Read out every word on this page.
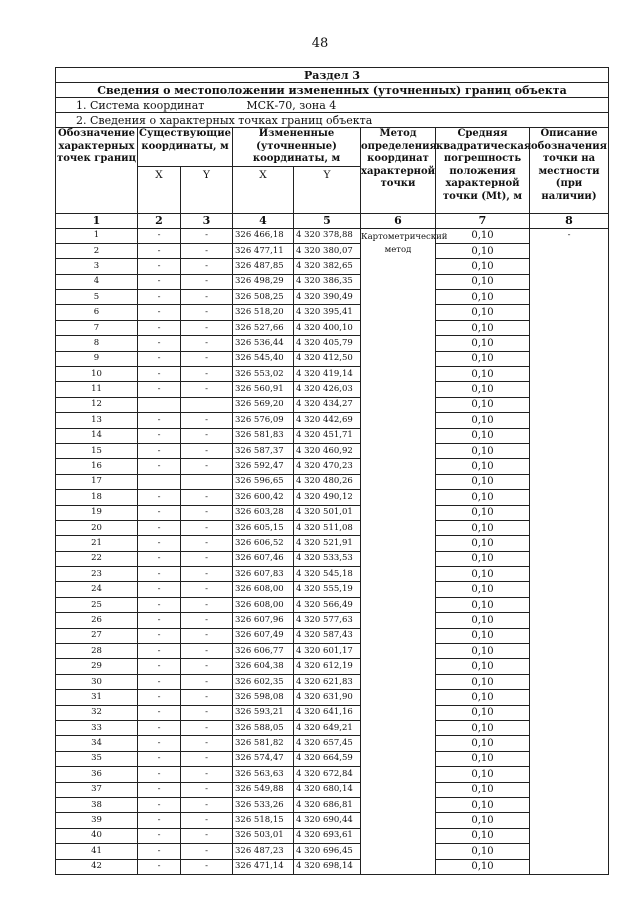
48
Раздел 3							
Сведения о местоположении измененных (уточненных) границ объекта							
1. Система координат МСК-70, зона 4							
2. Сведения о характерных точках границ объекта							
Обозначение характерных точек границ	Существующие координаты, м		Измененные (уточненные) координаты, м		Метод определения координат характерной точки	Средняя квадратическая погрешность положения характерной точки (Мt), м	Описание обозначения точки на местности (при наличии)
	X	Y	X	Y			
1	2	3	4	5	6	7	8
1	-	-	326 466,18	4 320 378,88	Картометрический метод	0,10	-
2	-	-	326 477,11	4 320 380,07		0,10	
3	-	-	326 487,85	4 320 382,65		0,10	
4	-	-	326 498,29	4 320 386,35		0,10	
5	-	-	326 508,25	4 320 390,49		0,10	
6	-	-	326 518,20	4 320 395,41		0,10	
7	-	-	326 527,66	4 320 400,10		0,10	
8	-	-	326 536,44	4 320 405,79		0,10	
9	-	-	326 545,40	4 320 412,50		0,10	
10	-	-	326 553,02	4 320 419,14		0,10	
11	-	-	326 560,91	4 320 426,03		0,10	
12			326 569,20	4 320 434,27		0,10	
13	-	-	326 576,09	4 320 442,69		0,10	
14	-	-	326 581,83	4 320 451,71		0,10	
15	-	-	326 587,37	4 320 460,92		0,10	
16	-	-	326 592,47	4 320 470,23		0,10	
17			326 596,65	4 320 480,26		0,10	
18	-	-	326 600,42	4 320 490,12		0,10	
19	-	-	326 603,28	4 320 501,01		0,10	
20	-	-	326 605,15	4 320 511,08		0,10	
21	-	-	326 606,52	4 320 521,91		0,10	
22	-	-	326 607,46	4 320 533,53		0,10	
23	-	-	326 607,83	4 320 545,18		0,10	
24	-	-	326 608,00	4 320 555,19		0,10	
25	-	-	326 608,00	4 320 566,49		0,10	
26	-	-	326 607,96	4 320 577,63		0,10	
27	-	-	326 607,49	4 320 587,43		0,10	
28	-	-	326 606,77	4 320 601,17		0,10	
29	-	-	326 604,38	4 320 612,19		0,10	
30	-	-	326 602,35	4 320 621,83		0,10	
31	-	-	326 598,08	4 320 631,90		0,10	
32	-	-	326 593,21	4 320 641,16		0,10	
33	-	-	326 588,05	4 320 649,21		0,10	
34	-	-	326 581,82	4 320 657,45		0,10	
35	-	-	326 574,47	4 320 664,59		0,10	
36	-	-	326 563,63	4 320 672,84		0,10	
37	-	-	326 549,88	4 320 680,14		0,10	
38	-	-	326 533,26	4 320 686,81		0,10	
39	-	-	326 518,15	4 320 690,44		0,10	
40	-	-	326 503,01	4 320 693,61		0,10	
41	-	-	326 487,23	4 320 696,45		0,10	
42	-	-	326 471,14	4 320 698,14		0,10	
